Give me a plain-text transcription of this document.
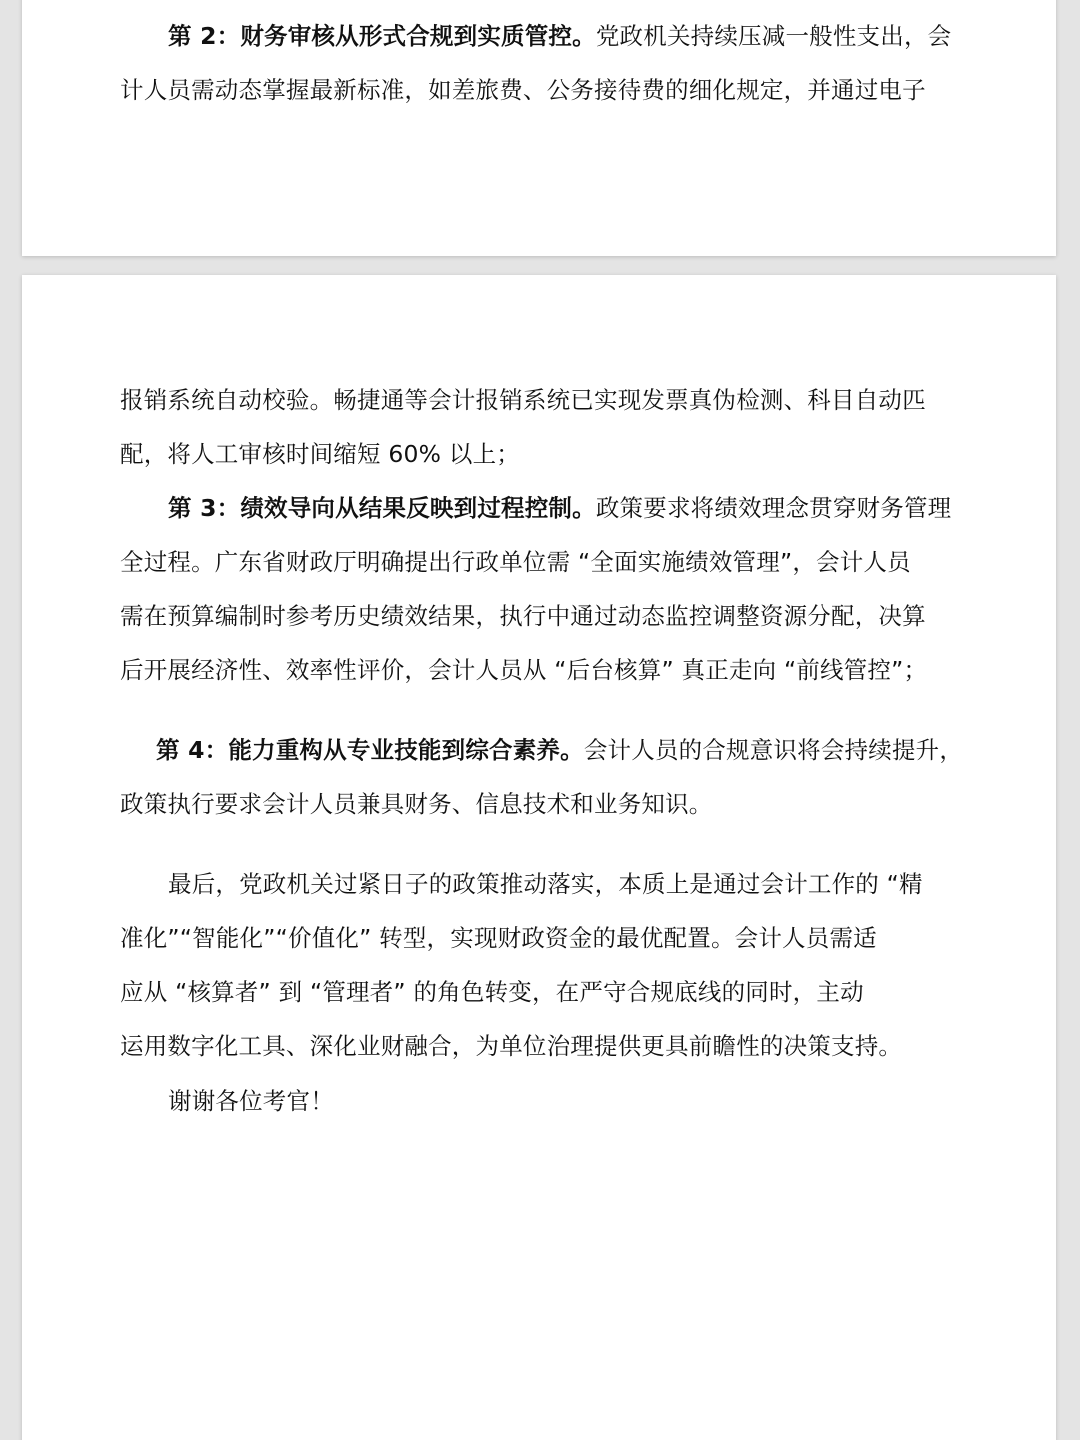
第 2：财务审核从形式合规到实质管控。党政机关持续压减一般性支出，会
计人员需动态掌握最新标准，如差旅费、公务接待费的细化规定，并通过电子
报销系统自动校验。畅捷通等会计报销系统已实现发票真伪检测、科目自动匹
配，将人工审核时间缩短 60% 以上；
第 3：绩效导向从结果反映到过程控制。政策要求将绩效理念贯穿财务管理
全过程。广东省财政厅明确提出行政单位需 “全面实施绩效管理”，会计人员
需在预算编制时参考历史绩效结果，执行中通过动态监控调整资源分配，决算
后开展经济性、效率性评价，会计人员从 “后台核算” 真正走向 “前线管控”；
第 4：能力重构从专业技能到综合素养。会计人员的合规意识将会持续提升，
政策执行要求会计人员兼具财务、信息技术和业务知识。
最后，党政机关过紧日子的政策推动落实，本质上是通过会计工作的 “精
准化”“智能化”“价值化” 转型，实现财政资金的最优配置。会计人员需适
应从 “核算者” 到 “管理者” 的角色转变，在严守合规底线的同时，主动
运用数字化工具、深化业财融合，为单位治理提供更具前瞻性的决策支持。
谢谢各位考官！
